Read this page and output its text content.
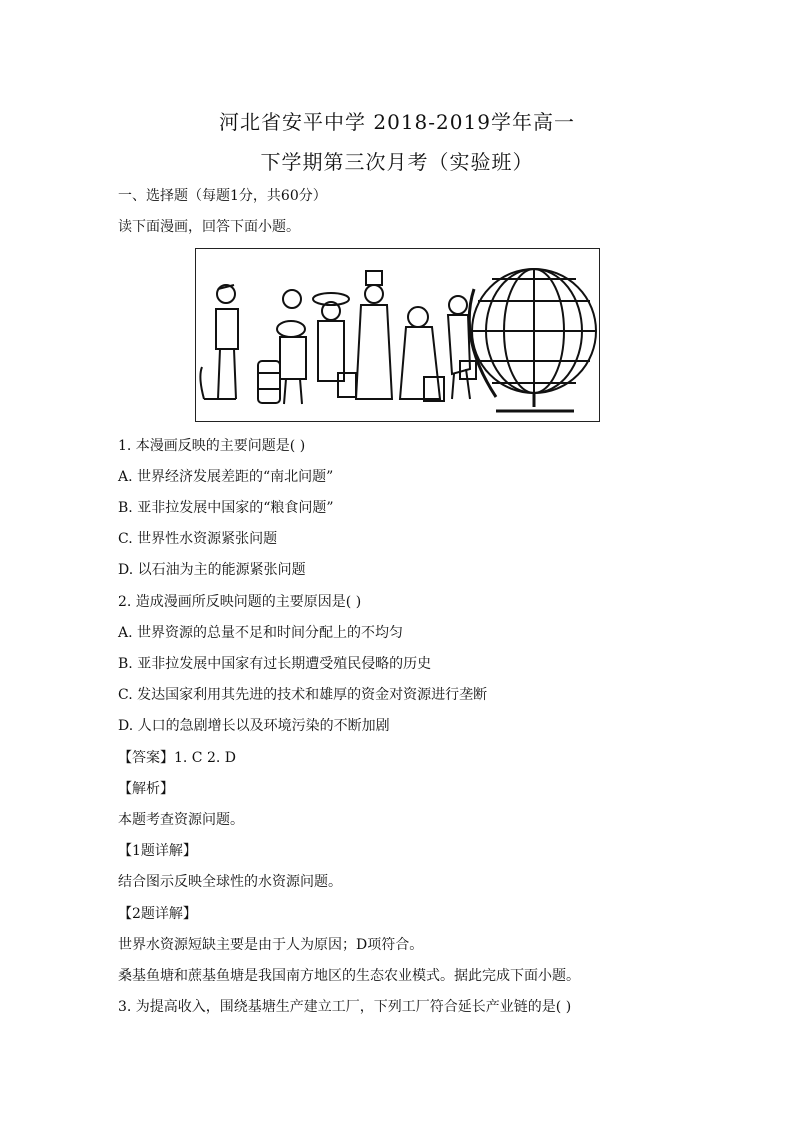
河北省安平中学 2018-2019学年高一
下学期第三次月考（实验班）
一、选择题（每题1分，共60分）
读下面漫画，回答下面小题。
1. 本漫画反映的主要问题是( )
A. 世界经济发展差距的“南北问题”
B. 亚非拉发展中国家的“粮食问题”
C. 世界性水资源紧张问题
D. 以石油为主的能源紧张问题
2. 造成漫画所反映问题的主要原因是( )
A. 世界资源的总量不足和时间分配上的不均匀
B. 亚非拉发展中国家有过长期遭受殖民侵略的历史
C. 发达国家利用其先进的技术和雄厚的资金对资源进行垄断
D. 人口的急剧增长以及环境污染的不断加剧
【答案】1. C 2. D
【解析】
本题考查资源问题。
【1题详解】
结合图示反映全球性的水资源问题。
【2题详解】
世界水资源短缺主要是由于人为原因；D项符合。
桑基鱼塘和蔗基鱼塘是我国南方地区的生态农业模式。据此完成下面小题。
3. 为提高收入，围绕基塘生产建立工厂，下列工厂符合延长产业链的是( )
